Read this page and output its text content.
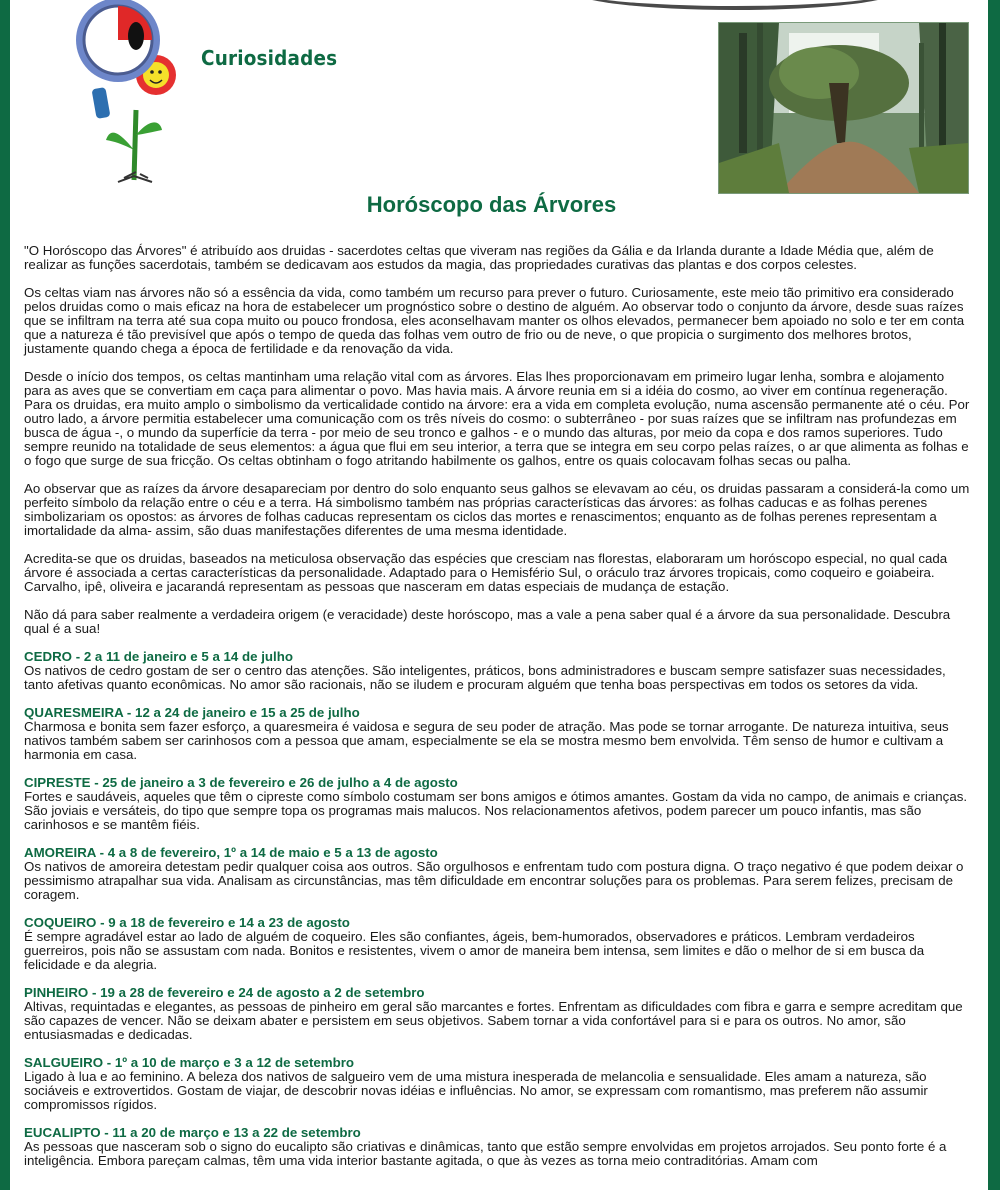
Curiosidades
Horóscopo das Árvores

"O Horóscopo das Árvores" é atribuído aos druidas - sacerdotes celtas que viveram nas regiões da Gália e da Irlanda durante a Idade Média que, além de realizar as funções sacerdotais, também se dedicavam aos estudos da magia, das propriedades curativas das plantas e dos corpos celestes.

Os celtas viam nas árvores não só a essência da vida, como também um recurso para prever o futuro. Curiosamente, este meio tão primitivo era considerado pelos druidas como o mais eficaz na hora de estabelecer um prognóstico sobre o destino de alguém. Ao observar todo o conjunto da árvore, desde suas raízes que se infiltram na terra até sua copa muito ou pouco frondosa, eles aconselhavam manter os olhos elevados, permanecer bem apoiado no solo e ter em conta que a natureza é tão previsível que após o tempo de queda das folhas vem outro de frio ou de neve, o que propicia o surgimento dos melhores brotos, justamente quando chega a época de fertilidade e da renovação da vida.

Desde o início dos tempos, os celtas mantinham uma relação vital com as árvores. Elas lhes proporcionavam em primeiro lugar lenha, sombra e alojamento para as aves que se convertiam em caça para alimentar o povo. Mas havia mais. A árvore reunia em si a idéia do cosmo, ao viver em contínua regeneração. Para os druidas, era muito amplo o simbolismo da verticalidade contido na árvore: era a vida em completa evolução, numa ascensão permanente até o céu. Por outro lado, a árvore permitia estabelecer uma comunicação com os três níveis do cosmo: o subterrâneo - por suas raízes que se infiltram nas profundezas em busca de água -, o mundo da superfície da terra - por meio de seu tronco e galhos - e o mundo das alturas, por meio da copa e dos ramos superiores. Tudo sempre reunido na totalidade de seus elementos: a água que flui em seu interior, a terra que se integra em seu corpo pelas raízes, o ar que alimenta as folhas e o fogo que surge de sua fricção. Os celtas obtinham o fogo atritando habilmente os galhos, entre os quais colocavam folhas secas ou palha.

Ao observar que as raízes da árvore desapareciam por dentro do solo enquanto seus galhos se elevavam ao céu, os druidas passaram a considerá-la como um perfeito símbolo da relação entre o céu e a terra. Há simbolismo também nas próprias características das árvores: as folhas caducas e as folhas perenes simbolizariam os opostos: as árvores de folhas caducas representam os ciclos das mortes e renascimentos; enquanto as de folhas perenes representam a imortalidade da alma- assim, são duas manifestações diferentes de uma mesma identidade.

Acredita-se que os druidas, baseados na meticulosa observação das espécies que cresciam nas florestas, elaboraram um horóscopo especial, no qual cada árvore é associada a certas características da personalidade. Adaptado para o Hemisfério Sul, o oráculo traz árvores tropicais, como coqueiro e goiabeira. Carvalho, ipê, oliveira e jacarandá representam as pessoas que nasceram em datas especiais de mudança de estação.

Não dá para saber realmente a verdadeira origem (e veracidade) deste horóscopo, mas a vale a pena saber qual é a árvore da sua personalidade. Descubra qual é a sua!

CEDRO - 2 a 11 de janeiro e 5 a 14 de julho
Os nativos de cedro gostam de ser o centro das atenções. São inteligentes, práticos, bons administradores e buscam sempre satisfazer suas necessidades, tanto afetivas quanto econômicas. No amor são racionais, não se iludem e procuram alguém que tenha boas perspectivas em todos os setores da vida.
QUARESMEIRA - 12 a 24 de janeiro e 15 a 25 de julho
Charmosa e bonita sem fazer esforço, a quaresmeira é vaidosa e segura de seu poder de atração. Mas pode se tornar arrogante. De natureza intuitiva, seus nativos também sabem ser carinhosos com a pessoa que amam, especialmente se ela se mostra mesmo bem envolvida. Têm senso de humor e cultivam a harmonia em casa.
CIPRESTE - 25 de janeiro a 3 de fevereiro e 26 de julho a 4 de agosto
Fortes e saudáveis, aqueles que têm o cipreste como símbolo costumam ser bons amigos e ótimos amantes. Gostam da vida no campo, de animais e crianças. São joviais e versáteis, do tipo que sempre topa os programas mais malucos. Nos relacionamentos afetivos, podem parecer um pouco infantis, mas são carinhosos e se mantêm fiéis.
AMOREIRA - 4 a 8 de fevereiro, 1º a 14 de maio e 5 a 13 de agosto
Os nativos de amoreira detestam pedir qualquer coisa aos outros. São orgulhosos e enfrentam tudo com postura digna. O traço negativo é que podem deixar o pessimismo atrapalhar sua vida. Analisam as circunstâncias, mas têm dificuldade em encontrar soluções para os problemas. Para serem felizes, precisam de coragem.
COQUEIRO - 9 a 18 de fevereiro e 14 a 23 de agosto
É sempre agradável estar ao lado de alguém de coqueiro. Eles são confiantes, ágeis, bem-humorados, observadores e práticos. Lembram verdadeiros guerreiros, pois não se assustam com nada. Bonitos e resistentes, vivem o amor de maneira bem intensa, sem limites e dão o melhor de si em busca da felicidade e da alegria.
PINHEIRO - 19 a 28 de fevereiro e 24 de agosto a 2 de setembro
Altivas, requintadas e elegantes, as pessoas de pinheiro em geral são marcantes e fortes. Enfrentam as dificuldades com fibra e garra e sempre acreditam que são capazes de vencer. Não se deixam abater e persistem em seus objetivos. Sabem tornar a vida confortável para si e para os outros. No amor, são entusiasmadas e dedicadas.
SALGUEIRO - 1º a 10 de março e 3 a 12 de setembro
Ligado à lua e ao feminino. A beleza dos nativos de salgueiro vem de uma mistura inesperada de melancolia e sensualidade. Eles amam a natureza, são sociáveis e extrovertidos. Gostam de viajar, de descobrir novas idéias e influências. No amor, se expressam com romantismo, mas preferem não assumir compromissos rígidos.
EUCALIPTO - 11 a 20 de março e 13 a 22 de setembro
As pessoas que nasceram sob o signo do eucalipto são criativas e dinâmicas, tanto que estão sempre envolvidas em projetos arrojados. Seu ponto forte é a inteligência. Embora pareçam calmas, têm uma vida interior bastante agitada, o que às vezes as torna meio contraditórias. Amam com
